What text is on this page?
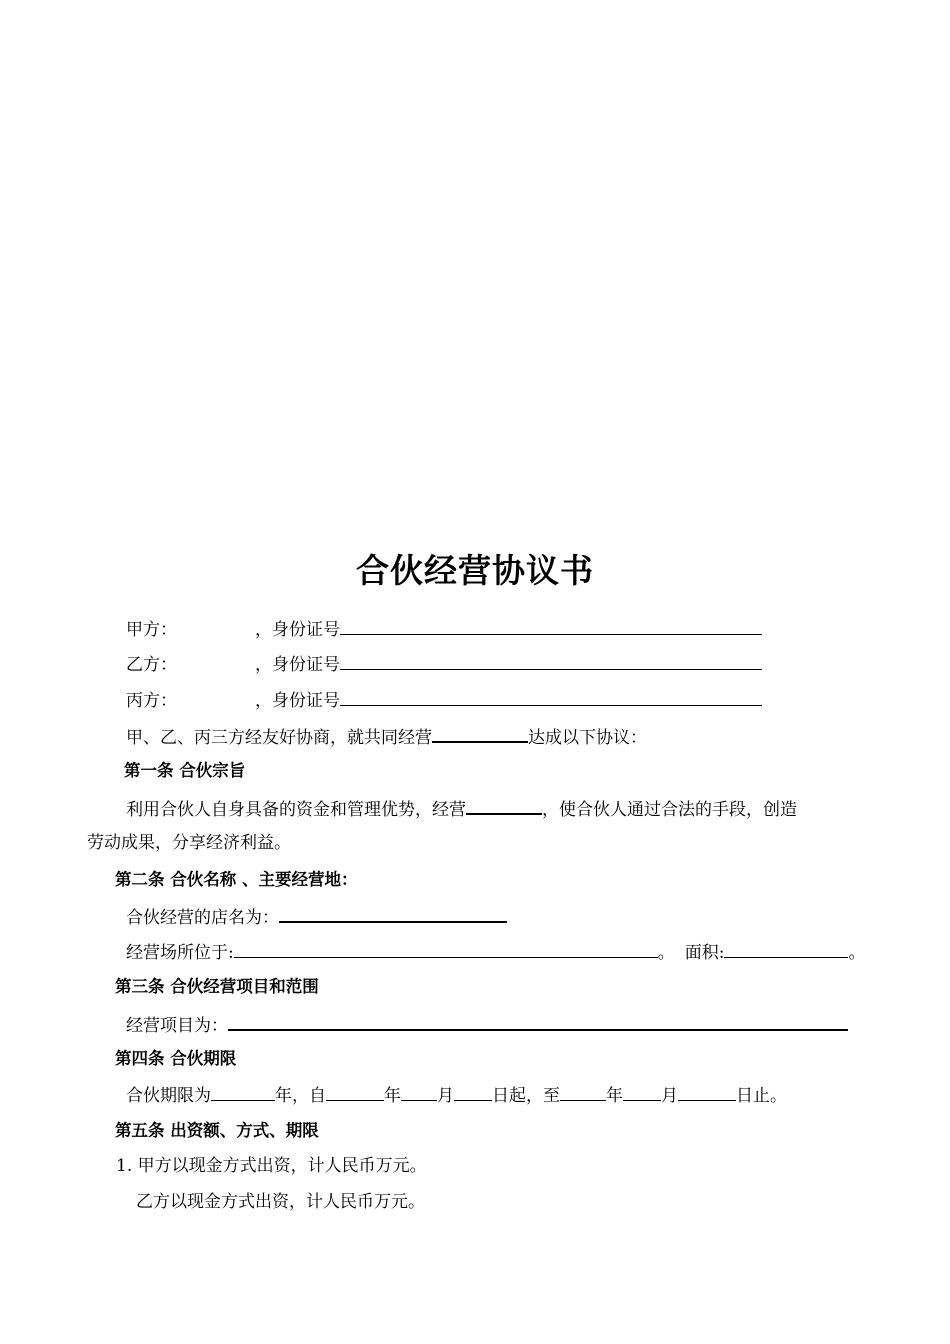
合伙经营协议书
甲方：	，身份证号
乙方：	，身份证号
丙方：	，身份证号
甲、乙、丙三方经友好协商，就共同经营	达成以下协议：
第一条 合伙宗旨
利用合伙人自身具备的资金和管理优势，经营	，使合伙人通过合法的手段，创造
劳动成果，分享经济利益。
第二条 合伙名称 、主要经营地：
合伙经营的店名为：
经营场所位于:	。 面积:	。
第三条 合伙经营项目和范围
经营项目为：
第四条 合伙期限
合伙期限为	年，自	年 月 日起，至	年 月	日止。
第五条 出资额、方式、期限
1. 甲方以现金方式出资，计人民币万元。
乙方以现金方式出资，计人民币万元。
